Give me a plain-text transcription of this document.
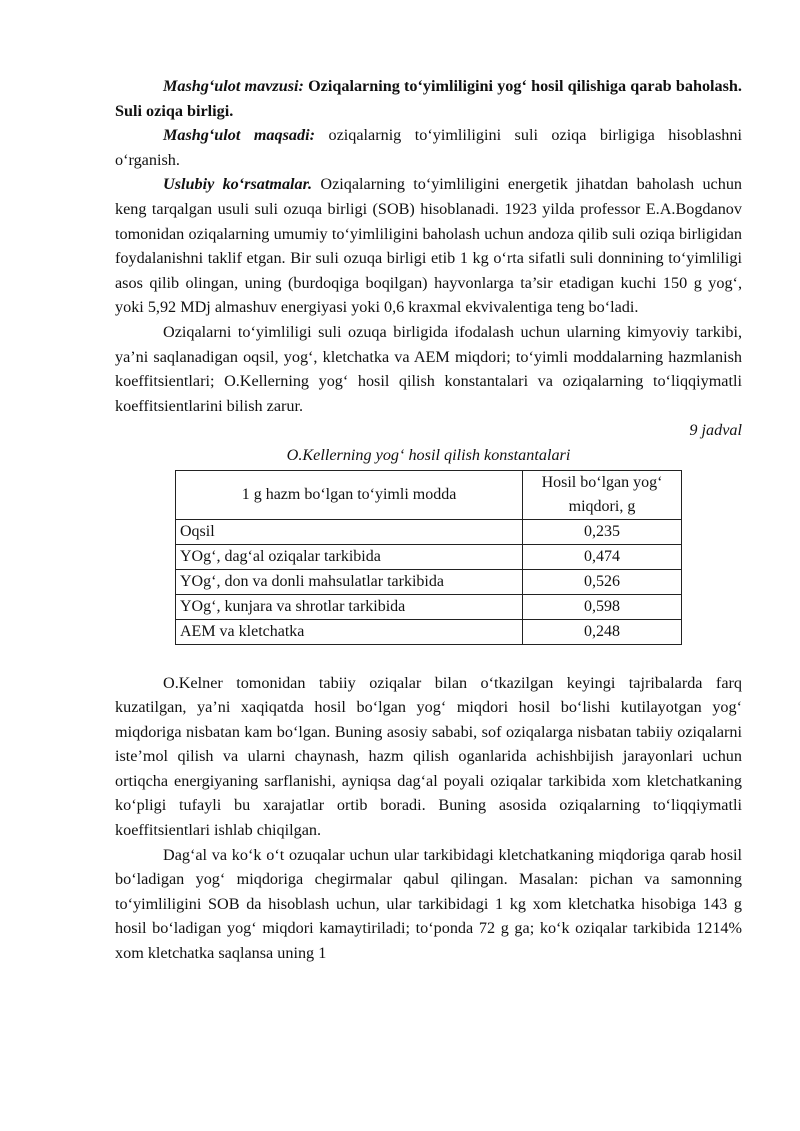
Mashg‘ulot mavzusi: Oziqalarning to‘yimliligini yog‘ hosil qilishiga qarab baholash. Suli oziqa birligi.

Mashg‘ulot maqsadi: oziqalarnig to‘yimliligini suli oziqa birligiga hisoblashni o‘rganish.

Uslubiy ko‘rsatmalar. Oziqalarning to‘yimliligini energetik jihatdan baholash uchun keng tarqalgan usuli suli ozuqa birligi (SOB) hisoblanadi. 1923 yilda professor E.A.Bogdanov tomonidan oziqalarning umumiy to‘yimliligini baholash uchun andoza qilib suli oziqa birligidan foydalanishni taklif etgan. Bir suli ozuqa birligi etib 1 kg o‘rta sifatli suli donnining to‘yimliligi asos qilib olingan, uning (burdoqiga boqilgan) hayvonlarga ta’sir etadigan kuchi 150 g yog‘, yoki 5,92 MDj almashuv energiyasi yoki 0,6 kraxmal ekvivalentiga teng bo‘ladi.

Oziqalarni to‘yimliligi suli ozuqa birligida ifodalash uchun ularning kimyoviy tarkibi, ya’ni saqlanadigan oqsil, yog‘, kletchatka va AEM miqdori; to‘yimli moddalarning hazmlanish koeffitsientlari; O.Kellerning yog‘ hosil qilish konstantalari va oziqalarning to‘liqqiymatli koeffitsientlarini bilish zarur.

9 jadval
O.Kellerning yog‘ hosil qilish konstantalari
1 g hazm bo‘lgan to‘yimli modda	Hosil bo‘lgan yog‘ miqdori, g
Oqsil	0,235
YOg‘, dag‘al oziqalar tarkibida	0,474
YOg‘, don va donli mahsulatlar tarkibida	0,526
YOg‘, kunjara va shrotlar tarkibida	0,598
AEM va kletchatka	0,248

O.Kelner tomonidan tabiiy oziqalar bilan o‘tkazilgan keyingi tajribalarda farq kuzatilgan, ya’ni xaqiqatda hosil bo‘lgan yog‘ miqdori hosil bo‘lishi kutilayotgan yog‘ miqdoriga nisbatan kam bo‘lgan. Buning asosiy sababi, sof oziqalarga nisbatan tabiiy oziqalarni iste’mol qilish va ularni chaynash, hazm qilish oganlarida achishbijish jarayonlari uchun ortiqcha energiyaning sarflanishi, ayniqsa dag‘al poyali oziqalar tarkibida xom kletchatkaning ko‘pligi tufayli bu xarajatlar ortib boradi. Buning asosida oziqalarning to‘liqqiymatli koeffitsientlari ishlab chiqilgan.

Dag‘al va ko‘k o‘t ozuqalar uchun ular tarkibidagi kletchatkaning miqdoriga qarab hosil bo‘ladigan yog‘ miqdoriga chegirmalar qabul qilingan. Masalan: pichan va samonning to‘yimliligini SOB da hisoblash uchun, ular tarkibidagi 1 kg xom kletchatka hisobiga 143 g hosil bo‘ladigan yog‘ miqdori kamaytiriladi; to‘ponda 72 g ga; ko‘k oziqalar tarkibida 1214% xom kletchatka saqlansa uning 1
